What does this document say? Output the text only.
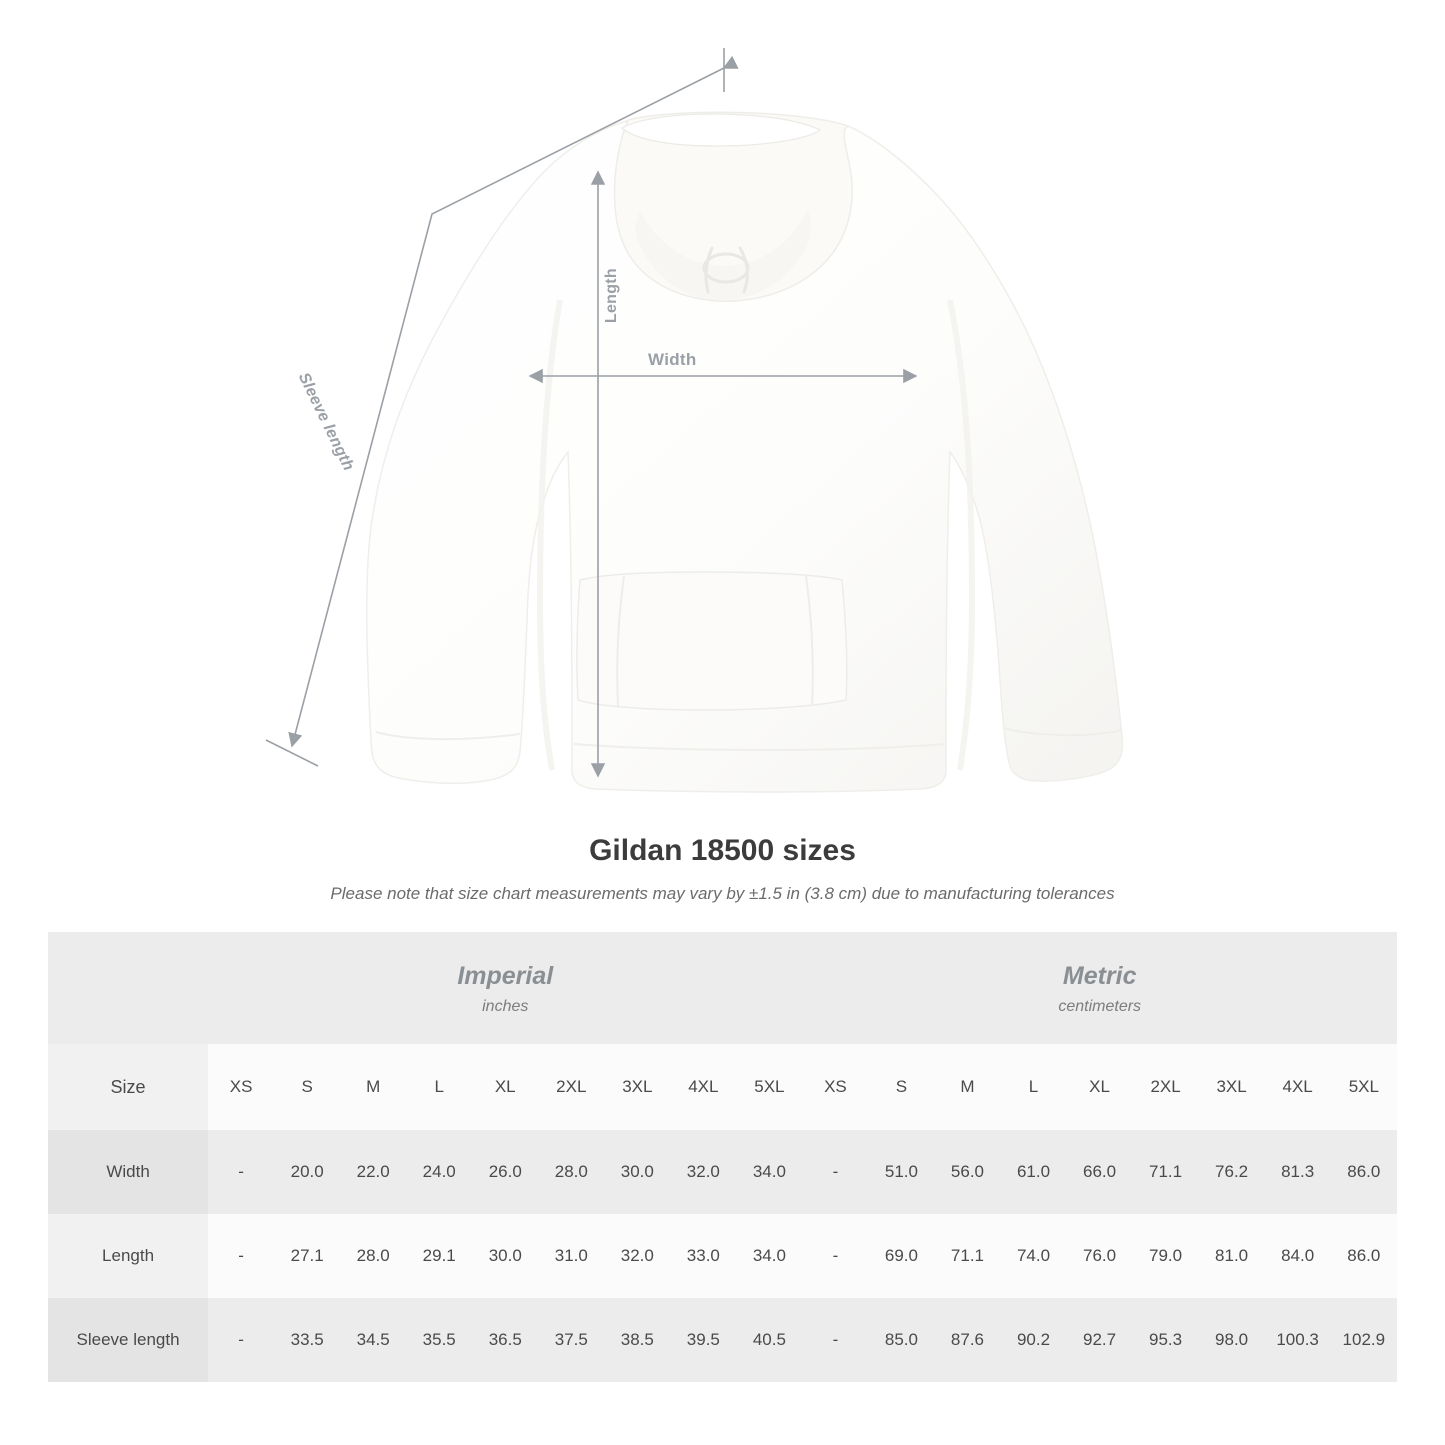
Width
Length
Sleeve length
Gildan 18500 sizes
Please note that size chart measurements may vary by ±1.5 in (3.8 cm) due to manufacturing tolerances

Imperial
inches

Metric
centimeters

Size	XS	S	M	L	XL	2XL	3XL	4XL	5XL	XS	S	M	L	XL	2XL	3XL	4XL	5XL
Width	-	20.0	22.0	24.0	26.0	28.0	30.0	32.0	34.0	-	51.0	56.0	61.0	66.0	71.1	76.2	81.3	86.0
Length	-	27.1	28.0	29.1	30.0	31.0	32.0	33.0	34.0	-	69.0	71.1	74.0	76.0	79.0	81.0	84.0	86.0
Sleeve length	-	33.5	34.5	35.5	36.5	37.5	38.5	39.5	40.5	-	85.0	87.6	90.2	92.7	95.3	98.0	100.3	102.9
